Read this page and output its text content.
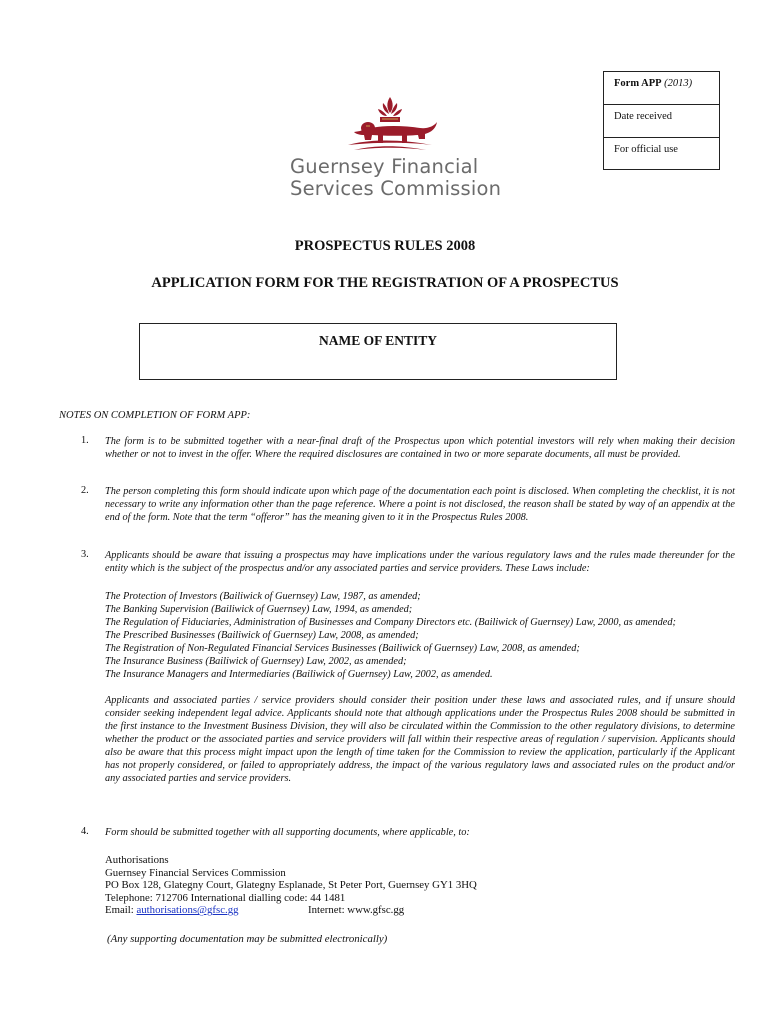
Form APP (2013)
Date received
For official use
Guernsey Financial
Services Commission
PROSPECTUS RULES 2008
APPLICATION FORM FOR THE REGISTRATION OF A PROSPECTUS
NAME OF ENTITY
NOTES ON COMPLETION OF FORM APP:
1. The form is to be submitted together with a near-final draft of the Prospectus upon which potential investors will rely when making their decision whether or not to invest in the offer. Where the required disclosures are contained in two or more separate documents, all must be provided.

2. The person completing this form should indicate upon which page of the documentation each point is disclosed. When completing the checklist, it is not necessary to write any information other than the page reference. Where a point is not disclosed, the reason shall be stated by way of an appendix at the end of the form. Note that the term “offeror” has the meaning given to it in the Prospectus Rules 2008.

3. Applicants should be aware that issuing a prospectus may have implications under the various regulatory laws and the rules made thereunder for the entity which is the subject of the prospectus and/or any associated parties and service providers. These Laws include:

The Protection of Investors (Bailiwick of Guernsey) Law, 1987, as amended;
The Banking Supervision (Bailiwick of Guernsey) Law, 1994, as amended;
The Regulation of Fiduciaries, Administration of Businesses and Company Directors etc. (Bailiwick of Guernsey) Law, 2000, as amended;
The Prescribed Businesses (Bailiwick of Guernsey) Law, 2008, as amended;
The Registration of Non-Regulated Financial Services Businesses (Bailiwick of Guernsey) Law, 2008, as amended;
The Insurance Business (Bailiwick of Guernsey) Law, 2002, as amended;
The Insurance Managers and Intermediaries (Bailiwick of Guernsey) Law, 2002, as amended.

Applicants and associated parties / service providers should consider their position under these laws and associated rules, and if unsure should consider seeking independent legal advice. Applicants should note that although applications under the Prospectus Rules 2008 should be submitted in the first instance to the Investment Business Division, they will also be circulated within the Commission to the other regulatory divisions, to determine whether the product or the associated parties and service providers will fall within their respective areas of regulation / supervision. Applicants should also be aware that this process might impact upon the length of time taken for the Commission to review the application, particularly if the Applicant has not properly considered, or failed to appropriately address, the impact of the various regulatory laws and associated rules on the product and/or any associated parties and service providers.

4. Form should be submitted together with all supporting documents, where applicable, to:

Authorisations
Guernsey Financial Services Commission
PO Box 128, Glategny Court, Glategny Esplanade, St Peter Port, Guernsey GY1 3HQ
Telephone: 712706 International dialling code: 44 1481
Email: authorisations@gfsc.gg	Internet: www.gfsc.gg
(Any supporting documentation may be submitted electronically)
